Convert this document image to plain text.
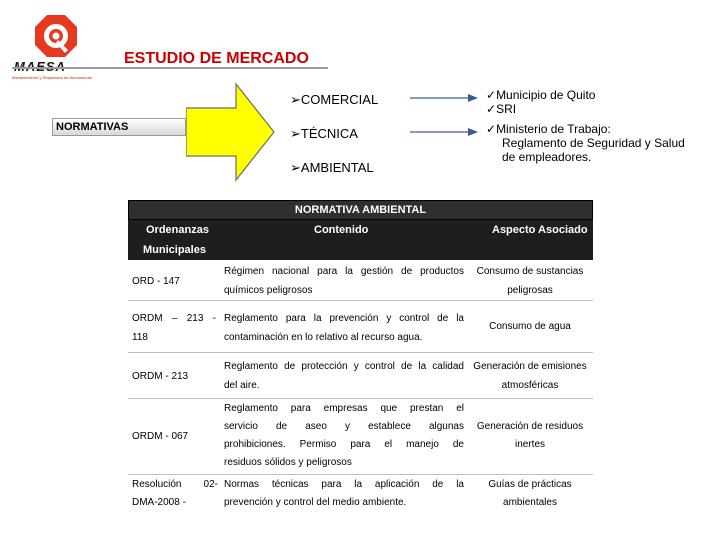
Mantenimiento y Reparación de Automotores
ESTUDIO DE MERCADO
NORMATIVAS
➢COMERCIAL
➢TÉCNICA
➢AMBIENTAL
✓Municipio de Quito
✓SRI
✓Ministerio de Trabajo:
Reglamento de Seguridad y Salud
de empleadores.
NORMATIVA AMBIENTAL
Ordenanzas
Municipales
Contenido	Aspecto Asociado
ORD - 147
Régimen nacional para la gestión de productos
químicos peligrosos
Consumo de sustancias
peligrosas
ORDM – 213 -
118
Reglamento para la prevención y control de la
contaminación en lo relativo al recurso agua.
Consumo de agua
ORDM - 213
Reglamento de protección y control de la calidad
del aire.
Generación de emisiones
atmosféricas
ORDM - 067
Reglamento para empresas que prestan el
servicio de aseo y establece algunas
prohibiciones. Permiso para el manejo de
residuos sólidos y peligrosos
Generación de residuos
inertes
Resolución 02-
DMA-2008 -
Normas técnicas para la aplicación de la
prevención y control del medio ambiente.
Guías de prácticas
ambientales
